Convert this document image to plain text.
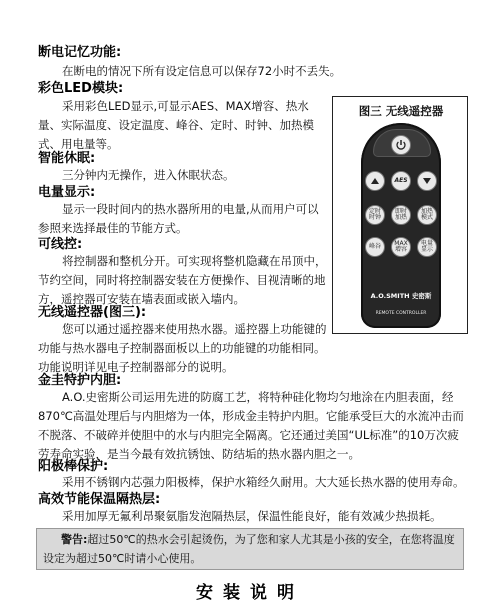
断电记忆功能:
在断电的情况下所有设定信息可以保存72小时不丢失。
彩色LED模块:
采用彩色LED显示,可显示AES、MAX增容、热水量、实际温度、设定温度、峰谷、定时、时钟、加热模式、用电量等。
智能休眠:
三分钟内无操作，进入休眠状态。
电量显示:
显示一段时间内的热水器所用的电量,从而用户可以参照来选择最佳的节能方式。
可线控:
将控制器和整机分开。可实现将整机隐藏在吊顶中，节约空间，同时将控制器安装在方便操作、目视清晰的地方，遥控器可安装在墙表面或嵌入墙内。
无线遥控器(图三):
您可以通过遥控器来使用热水器。遥控器上功能键的功能与热水器电子控制器面板以上的功能键的功能相同。功能说明详见电子控制器部分的说明。
金圭特护内胆:
A.O.史密斯公司运用先进的防腐工艺，将特种硅化物均匀地涂在内胆表面，经870℃高温处理后与内胆熔为一体，形成金圭特护内胆。它能承受巨大的水流冲击而不脱落、不破碎并使胆中的水与内胆完全隔离。它还通过美国“UL标准”的10万次疲劳寿命实验，是当今最有效抗锈蚀、防结垢的热水器内胆之一。
阳极棒保护:
采用不锈钢内芯强力阳极棒，保护水箱经久耐用。大大延长热水器的使用寿命。
高效节能保温隔热层:
采用加厚无氟利昂聚氨脂发泡隔热层，保温性能良好，能有效减少热损耗。
图三 无线遥控器
AES
定时
时钟
即时
加热
加热
模式
峰谷	MAX
增容
电量
显示
A.O.SMITH 史密斯
REMOTE CONTROLLER
警告:超过50℃的热水会引起烫伤，为了您和家人尤其是小孩的安全，在您将温度设定为超过50℃时请小心使用。
安装说明
